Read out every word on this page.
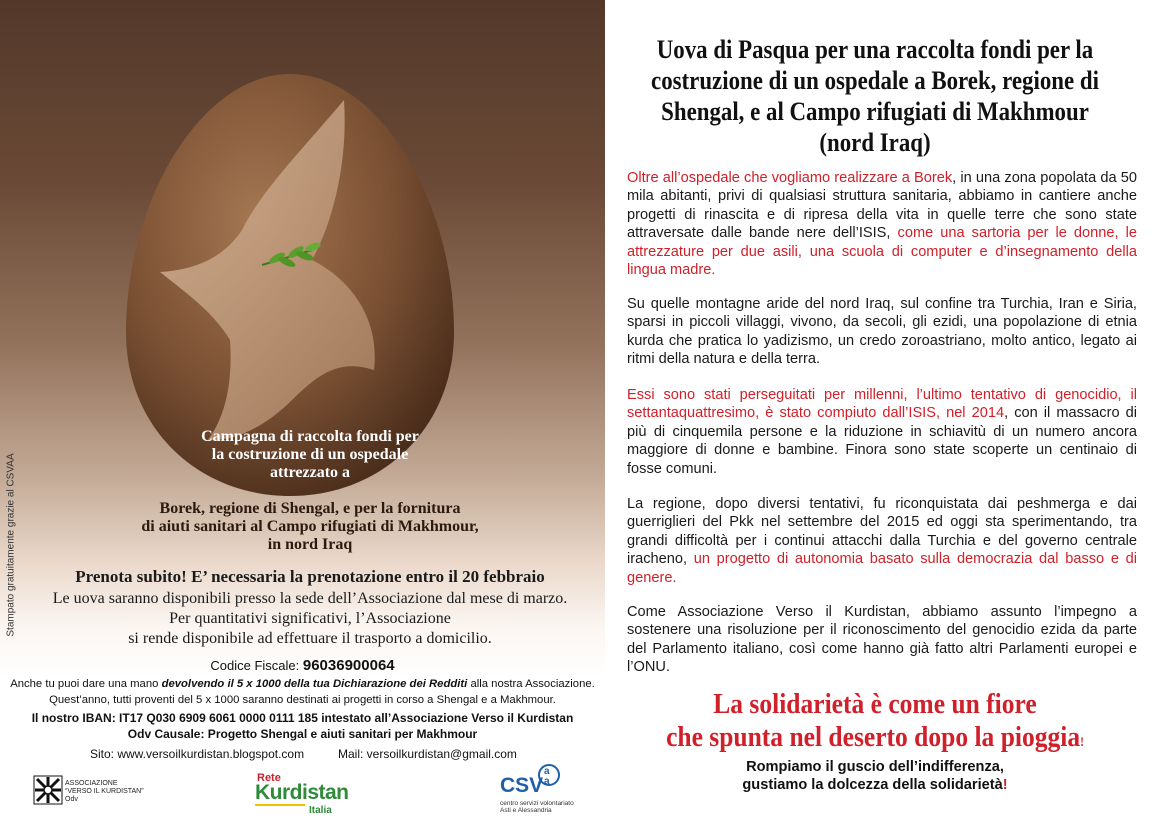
Stampato gratuitamente grazie al CSVAA
Campagna di raccolta fondi per
la costruzione di un ospedale
attrezzato a
Borek, regione di Shengal, e per la fornitura
di aiuti sanitari al Campo rifugiati di Makhmour,
in nord Iraq
Prenota subito! E’ necessaria la prenotazione entro il 20 febbraio
Le uova saranno disponibili presso la sede dell’Associazione dal mese di marzo.
Per quantitativi significativi, l’Associazione
si rende disponibile ad effettuare il trasporto a domicilio.
Codice Fiscale: 96036900064
Anche tu puoi dare una mano devolvendo il 5 x 1000 della tua Dichiarazione dei Redditi alla nostra Associazione.
Quest’anno, tutti proventi del 5 x 1000 saranno destinati ai progetti in corso a Shengal e a Makhmour.
Il nostro IBAN: IT17 Q030 6909 6061 0000 0111 185 intestato all’Associazione Verso il Kurdistan
Odv Causale: Progetto Shengal e aiuti sanitari per Makhmour
Sito: www.versoilkurdistan.blogspot.com	Mail: versoilkurdistan@gmail.com
ASSOCIAZIONE
“VERSO IL KURDISTAN”
Odv
Rete
Kurdistan
Italia
CSV
a
a
centro servizi volontariato
Asti e Alessandria
Uova di Pasqua per una raccolta fondi per la
costruzione di un ospedale a Borek, regione di
Shengal, e al Campo rifugiati di Makhmour
(nord Iraq)
Oltre all’ospedale che vogliamo realizzare a Borek, in una zona popolata da 50 mila abitanti, privi di qualsiasi struttura sanitaria, abbiamo in cantiere anche progetti di rinascita e di ripresa della vita in quelle terre che sono state attraversate dalle bande nere dell’ISIS, come una sartoria per le donne, le attrezzature per due asili, una scuola di computer e d’insegnamento della lingua madre.
Su quelle montagne aride del nord Iraq, sul confine tra Turchia, Iran e Siria, sparsi in piccoli villaggi, vivono, da secoli, gli ezidi, una popolazione di etnia kurda che pratica lo yadizismo, un credo zoroastriano, molto antico, legato ai ritmi della natura e della terra.
Essi sono stati perseguitati per millenni, l’ultimo tentativo di genocidio, il settantaquattresimo, è stato compiuto dall’ISIS, nel 2014, con il massacro di più di cinquemila persone e la riduzione in schiavitù di un numero ancora maggiore di donne e bambine. Finora sono state scoperte un centinaio di fosse comuni.
La regione, dopo diversi tentativi, fu riconquistata dai peshmerga e dai guerriglieri del Pkk nel settembre del 2015 ed oggi sta sperimentando, tra grandi difficoltà per i continui attacchi dalla Turchia e del governo centrale iracheno, un progetto di autonomia basato sulla democrazia dal basso e di genere.
Come Associazione Verso il Kurdistan, abbiamo assunto l’impegno a sostenere una risoluzione per il riconoscimento del genocidio ezida da parte del Parlamento italiano, così come hanno già fatto altri Parlamenti europei e l’ONU.
La solidarietà è come un fiore
che spunta nel deserto dopo la pioggia!
Rompiamo il guscio dell’indifferenza,
gustiamo la dolcezza della solidarietà!
